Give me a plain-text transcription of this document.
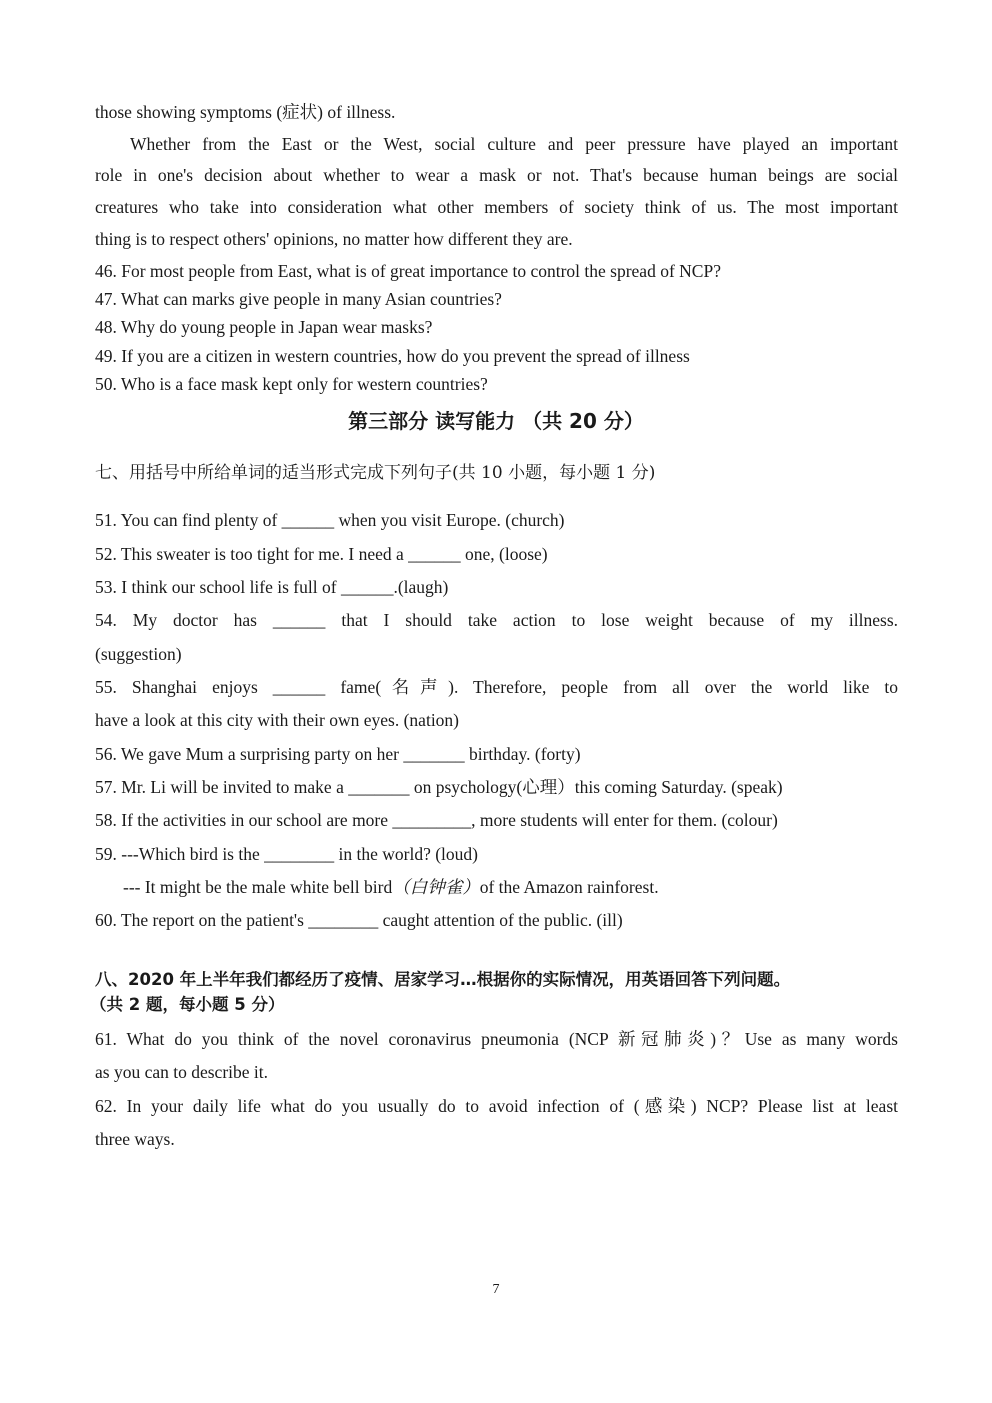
those showing symptoms (症状) of illness.
Whether from the East or the West, social culture and peer pressure have played an important
role in one's decision about whether to wear a mask or not. That's because human beings are social
creatures who take into consideration what other members of society think of us. The most important
thing is to respect others' opinions, no matter how different they are.
46. For most people from East, what is of great importance to control the spread of NCP?
47. What can marks give people in many Asian countries?
48. Why do young people in Japan wear masks?
49. If you are a citizen in western countries, how do you prevent the spread of illness
50. Who is a face mask kept only for western countries?
第三部分 读写能力 （共 20 分）
七、用括号中所给单词的适当形式完成下列句子(共 10 小题，每小题 1 分)
51. You can find plenty of ______ when you visit Europe. (church)
52. This sweater is too tight for me. I need a ______ one, (loose)
53. I think our school life is full of ______.(laugh)
54. My doctor has ______ that I should take action to lose weight because of my illness.
(suggestion)
55. Shanghai enjoys ______ fame(名声). Therefore, people from all over the world like to
have a look at this city with their own eyes. (nation)
56. We gave Mum a surprising party on her _______ birthday. (forty)
57. Mr. Li will be invited to make a _______ on psychology(心理）this coming Saturday. (speak)
58. If the activities in our school are more _________, more students will enter for them. (colour)
59. ---Which bird is the ________ in the world? (loud)
--- It might be the male white bell bird（白钟雀）of the Amazon rainforest.
60. The report on the patient's ________ caught attention of the public. (ill)
八、2020 年上半年我们都经历了疫情、居家学习…根据你的实际情况，用英语回答下列问题。
（共 2 题，每小题 5 分）
61. What do you think of the novel coronavirus pneumonia (NCP 新冠肺炎)？Use as many words
as you can to describe it.
62. In your daily life what do you usually do to avoid infection of (感染) NCP? Please list at least
three ways.
7
